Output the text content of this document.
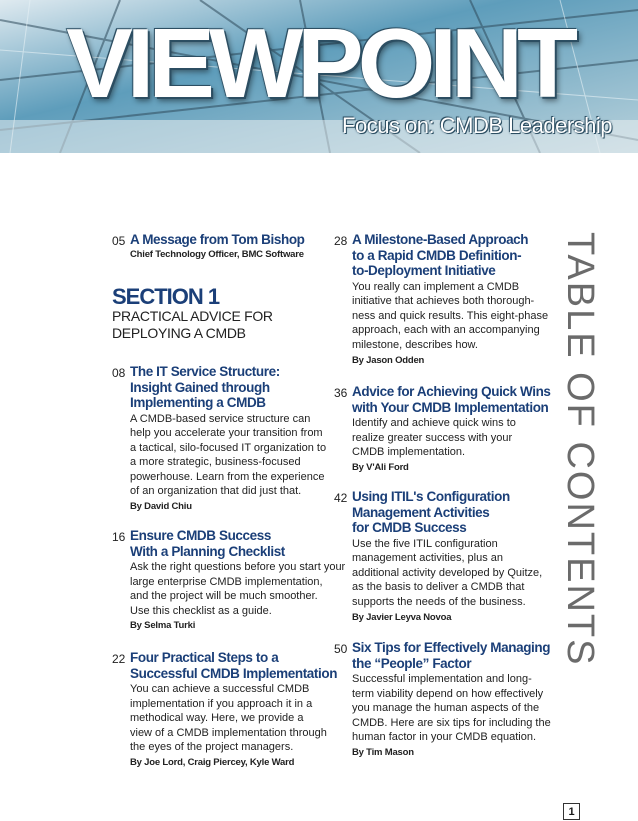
VIEWPOINT
Focus on: CMDB Leadership
TABLE OF CONTENTS
SECTION 1
PRACTICAL ADVICE FOR
DEPLOYING A CMDB
05 A Message from Tom Bishop
Chief Technology Officer, BMC Software
08 The IT Service Structure:
Insight Gained through
Implementing a CMDB
A CMDB-based service structure can
help you accelerate your transition from
a tactical, silo-focused IT organization to
a more strategic, business-focused
powerhouse. Learn from the experience
of an organization that did just that.
By David Chiu
16 Ensure CMDB Success
With a Planning Checklist
Ask the right questions before you start your
large enterprise CMDB implementation,
and the project will be much smoother.
Use this checklist as a guide.
By Selma Turki
22 Four Practical Steps to a
Successful CMDB Implementation
You can achieve a successful CMDB
implementation if you approach it in a
methodical way. Here, we provide a
view of a CMDB implementation through
the eyes of the project managers.
By Joe Lord, Craig Piercey, Kyle Ward
28 A Milestone-Based Approach
to a Rapid CMDB Definition-
to-Deployment Initiative
You really can implement a CMDB
initiative that achieves both thorough-
ness and quick results. This eight-phase
approach, each with an accompanying
milestone, describes how.
By Jason Odden
36 Advice for Achieving Quick Wins
with Your CMDB Implementation
Identify and achieve quick wins to
realize greater success with your
CMDB implementation.
By V'Ali Ford
42 Using ITIL's Configuration
Management Activities
for CMDB Success
Use the five ITIL configuration
management activities, plus an
additional activity developed by Quitze,
as the basis to deliver a CMDB that
supports the needs of the business.
By Javier Leyva Novoa
50 Six Tips for Effectively Managing
the “People” Factor
Successful implementation and long-
term viability depend on how effectively
you manage the human aspects of the
CMDB. Here are six tips for including the
human factor in your CMDB equation.
By Tim Mason
1
